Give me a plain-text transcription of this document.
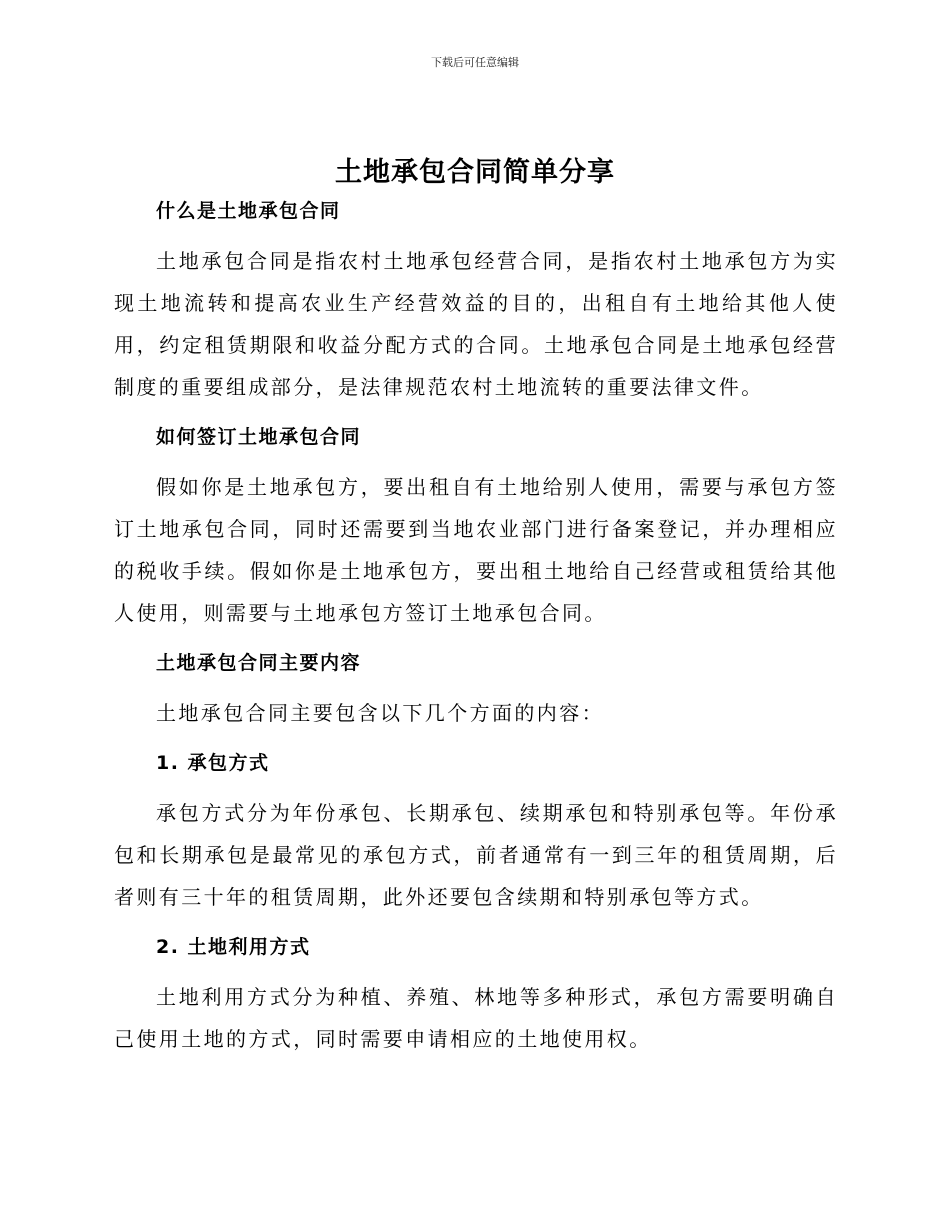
下载后可任意编辑
土地承包合同简单分享
什么是土地承包合同

土地承包合同是指农村土地承包经营合同，是指农村土地承包方为实现土地流转和提高农业生产经营效益的目的，出租自有土地给其他人使用，约定租赁期限和收益分配方式的合同。土地承包合同是土地承包经营制度的重要组成部分，是法律规范农村土地流转的重要法律文件。

如何签订土地承包合同

假如你是土地承包方，要出租自有土地给别人使用，需要与承包方签订土地承包合同，同时还需要到当地农业部门进行备案登记，并办理相应的税收手续。假如你是土地承包方，要出租土地给自己经营或租赁给其他人使用，则需要与土地承包方签订土地承包合同。

土地承包合同主要内容

土地承包合同主要包含以下几个方面的内容：

1. 承包方式

承包方式分为年份承包、长期承包、续期承包和特别承包等。年份承包和长期承包是最常见的承包方式，前者通常有一到三年的租赁周期，后者则有三十年的租赁周期，此外还要包含续期和特别承包等方式。

2. 土地利用方式

土地利用方式分为种植、养殖、林地等多种形式，承包方需要明确自己使用土地的方式，同时需要申请相应的土地使用权。
